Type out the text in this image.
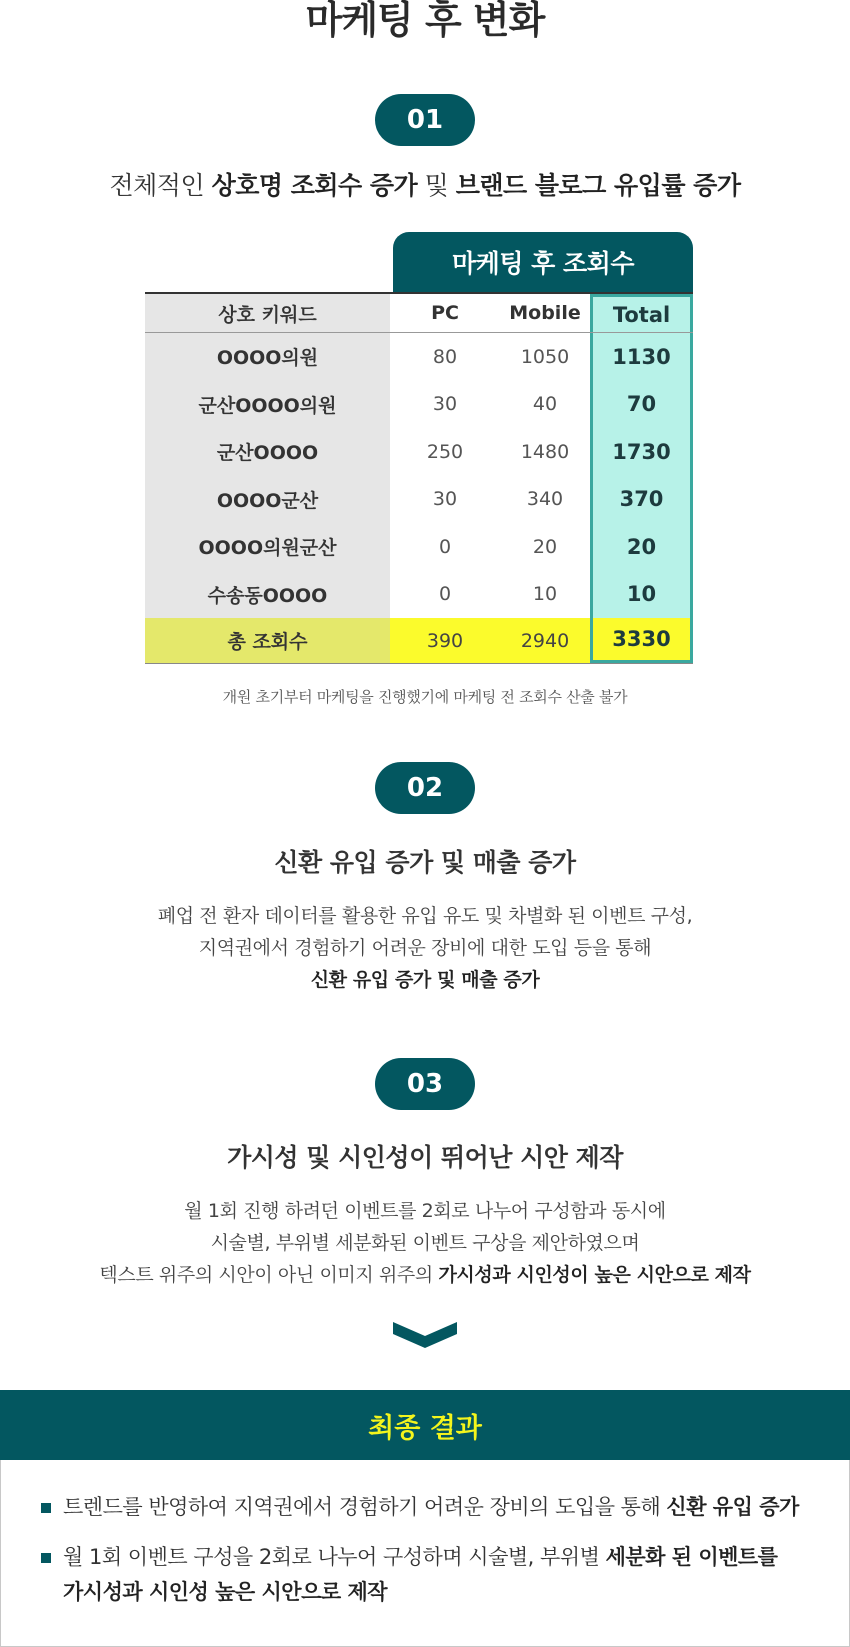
마케팅 후 변화
01
전체적인 상호명 조회수 증가 및 브랜드 블로그 유입률 증가
마케팅 후 조회수
상호 키워드	PC	Mobile	Total
OOOO의원	80	1050	1130
군산OOOO의원	30	40	70
군산OOOO	250	1480	1730
OOOO군산	30	340	370
OOOO의원군산	0	20	20
수송동OOOO	0	10	10
총 조회수	390	2940	3330
개원 초기부터 마케팅을 진행했기에 마케팅 전 조회수 산출 불가
02
신환 유입 증가 및 매출 증가
폐업 전 환자 데이터를 활용한 유입 유도 및 차별화 된 이벤트 구성,
지역권에서 경험하기 어려운 장비에 대한 도입 등을 통해
신환 유입 증가 및 매출 증가
03
가시성 및 시인성이 뛰어난 시안 제작
월 1회 진행 하려던 이벤트를 2회로 나누어 구성함과 동시에
시술별, 부위별 세분화된 이벤트 구상을 제안하였으며
텍스트 위주의 시안이 아닌 이미지 위주의 가시성과 시인성이 높은 시안으로 제작
최종 결과
트렌드를 반영하여 지역권에서 경험하기 어려운 장비의 도입을 통해 신환 유입 증가
월 1회 이벤트 구성을 2회로 나누어 구성하며 시술별, 부위별 세분화 된 이벤트를
가시성과 시인성 높은 시안으로 제작
